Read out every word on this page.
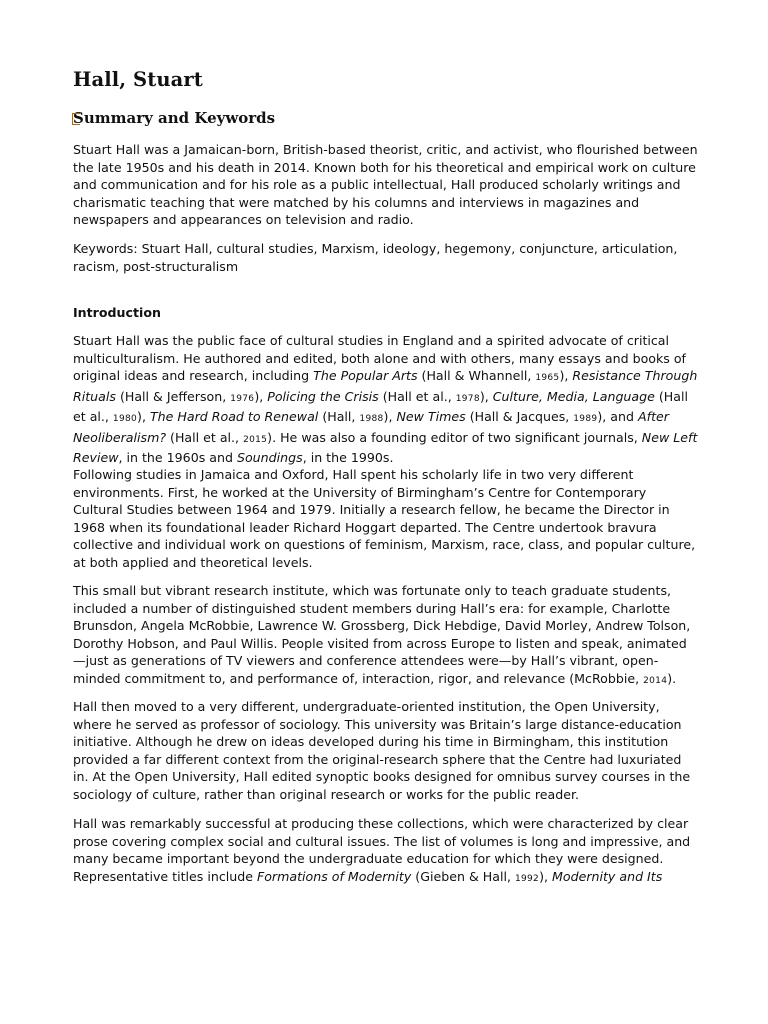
Hall, Stuart
Summary and Keywords

Stuart Hall was a Jamaican-born, British-based theorist, critic, and activist, who flourished between the late 1950s and his death in 2014. Known both for his theoretical and empirical work on culture and communication and for his role as a public intellectual, Hall produced scholarly writings and charismatic teaching that were matched by his columns and interviews in magazines and newspapers and appearances on television and radio.

Keywords: Stuart Hall, cultural studies, Marxism, ideology, hegemony, conjuncture, articulation, racism, post-structuralism

Introduction

Stuart Hall was the public face of cultural studies in England and a spirited advocate of critical multiculturalism. He authored and edited, both alone and with others, many essays and books of original ideas and research, including The Popular Arts (Hall & Whannell, 1965), Resistance Through Rituals (Hall & Jefferson, 1976), Policing the Crisis (Hall et al., 1978), Culture, Media, Language (Hall et al., 1980), The Hard Road to Renewal (Hall, 1988), New Times (Hall & Jacques, 1989), and After Neoliberalism? (Hall et al., 2015). He was also a founding editor of two significant journals, New Left Review, in the 1960s and Soundings, in the 1990s.

Following studies in Jamaica and Oxford, Hall spent his scholarly life in two very different environments. First, he worked at the University of Birmingham’s Centre for Contemporary Cultural Studies between 1964 and 1979. Initially a research fellow, he became the Director in 1968 when its foundational leader Richard Hoggart departed. The Centre undertook bravura collective and individual work on questions of feminism, Marxism, race, class, and popular culture, at both applied and theoretical levels.

This small but vibrant research institute, which was fortunate only to teach graduate students, included a number of distinguished student members during Hall’s era: for example, Charlotte Brunsdon, Angela McRobbie, Lawrence W. Grossberg, Dick Hebdige, David Morley, Andrew Tolson, Dorothy Hobson, and Paul Willis. People visited from across Europe to listen and speak, animated—just as generations of TV viewers and conference attendees were—by Hall’s vibrant, open-minded commitment to, and performance of, interaction, rigor, and relevance (McRobbie, 2014).

Hall then moved to a very different, undergraduate-oriented institution, the Open University, where he served as professor of sociology. This university was Britain’s large distance-education initiative. Although he drew on ideas developed during his time in Birmingham, this institution provided a far different context from the original-research sphere that the Centre had luxuriated in. At the Open University, Hall edited synoptic books designed for omnibus survey courses in the sociology of culture, rather than original research or works for the public reader.

Hall was remarkably successful at producing these collections, which were characterized by clear prose covering complex social and cultural issues. The list of volumes is long and impressive, and many became important beyond the undergraduate education for which they were designed. Representative titles include Formations of Modernity (Gieben & Hall, 1992), Modernity and Its
